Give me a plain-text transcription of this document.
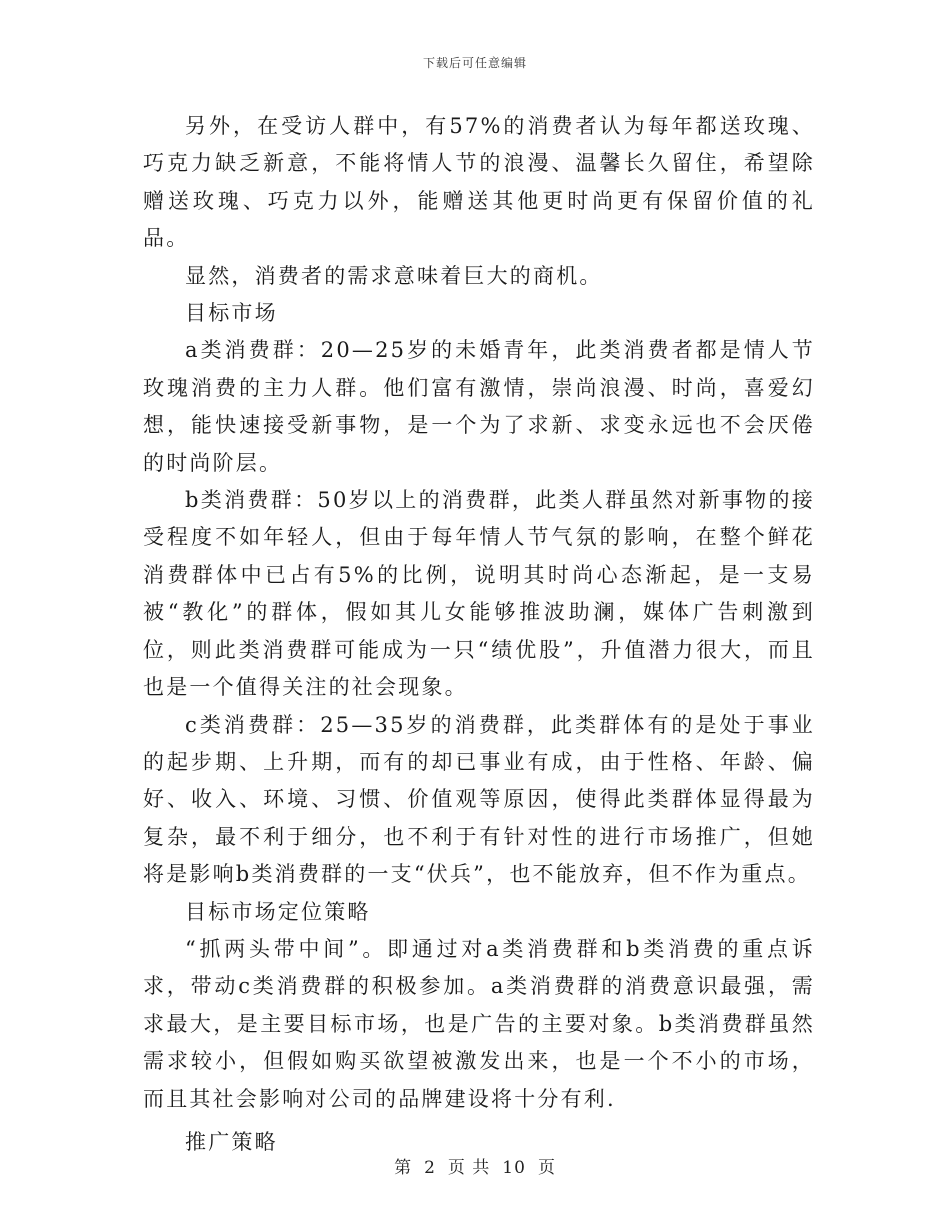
下载后可任意编辑

另外，在受访人群中，有57%的消费者认为每年都送玫瑰、巧克力缺乏新意，不能将情人节的浪漫、温馨长久留住，希望除赠送玫瑰、巧克力以外，能赠送其他更时尚更有保留价值的礼品。

显然，消费者的需求意味着巨大的商机。

目标市场

a类消费群：20—25岁的未婚青年，此类消费者都是情人节玫瑰消费的主力人群。他们富有激情，崇尚浪漫、时尚，喜爱幻想，能快速接受新事物，是一个为了求新、求变永远也不会厌倦的时尚阶层。

b类消费群：50岁以上的消费群，此类人群虽然对新事物的接受程度不如年轻人，但由于每年情人节气氛的影响，在整个鲜花消费群体中已占有5%的比例，说明其时尚心态渐起，是一支易被“教化”的群体，假如其儿女能够推波助澜，媒体广告刺激到位，则此类消费群可能成为一只“绩优股”，升值潜力很大，而且也是一个值得关注的社会现象。

c类消费群：25—35岁的消费群，此类群体有的是处于事业的起步期、上升期，而有的却已事业有成，由于性格、年龄、偏好、收入、环境、习惯、价值观等原因，使得此类群体显得最为复杂，最不利于细分，也不利于有针对性的进行市场推广，但她将是影响b类消费群的一支“伏兵”，也不能放弃，但不作为重点。

目标市场定位策略

“抓两头带中间”。即通过对a类消费群和b类消费的重点诉求，带动c类消费群的积极参加。a类消费群的消费意识最强，需求最大，是主要目标市场，也是广告的主要对象。b类消费群虽然需求较小，但假如购买欲望被激发出来，也是一个不小的市场，而且其社会影响对公司的品牌建设将十分有利.

推广策略

第 2 页 共 10 页
